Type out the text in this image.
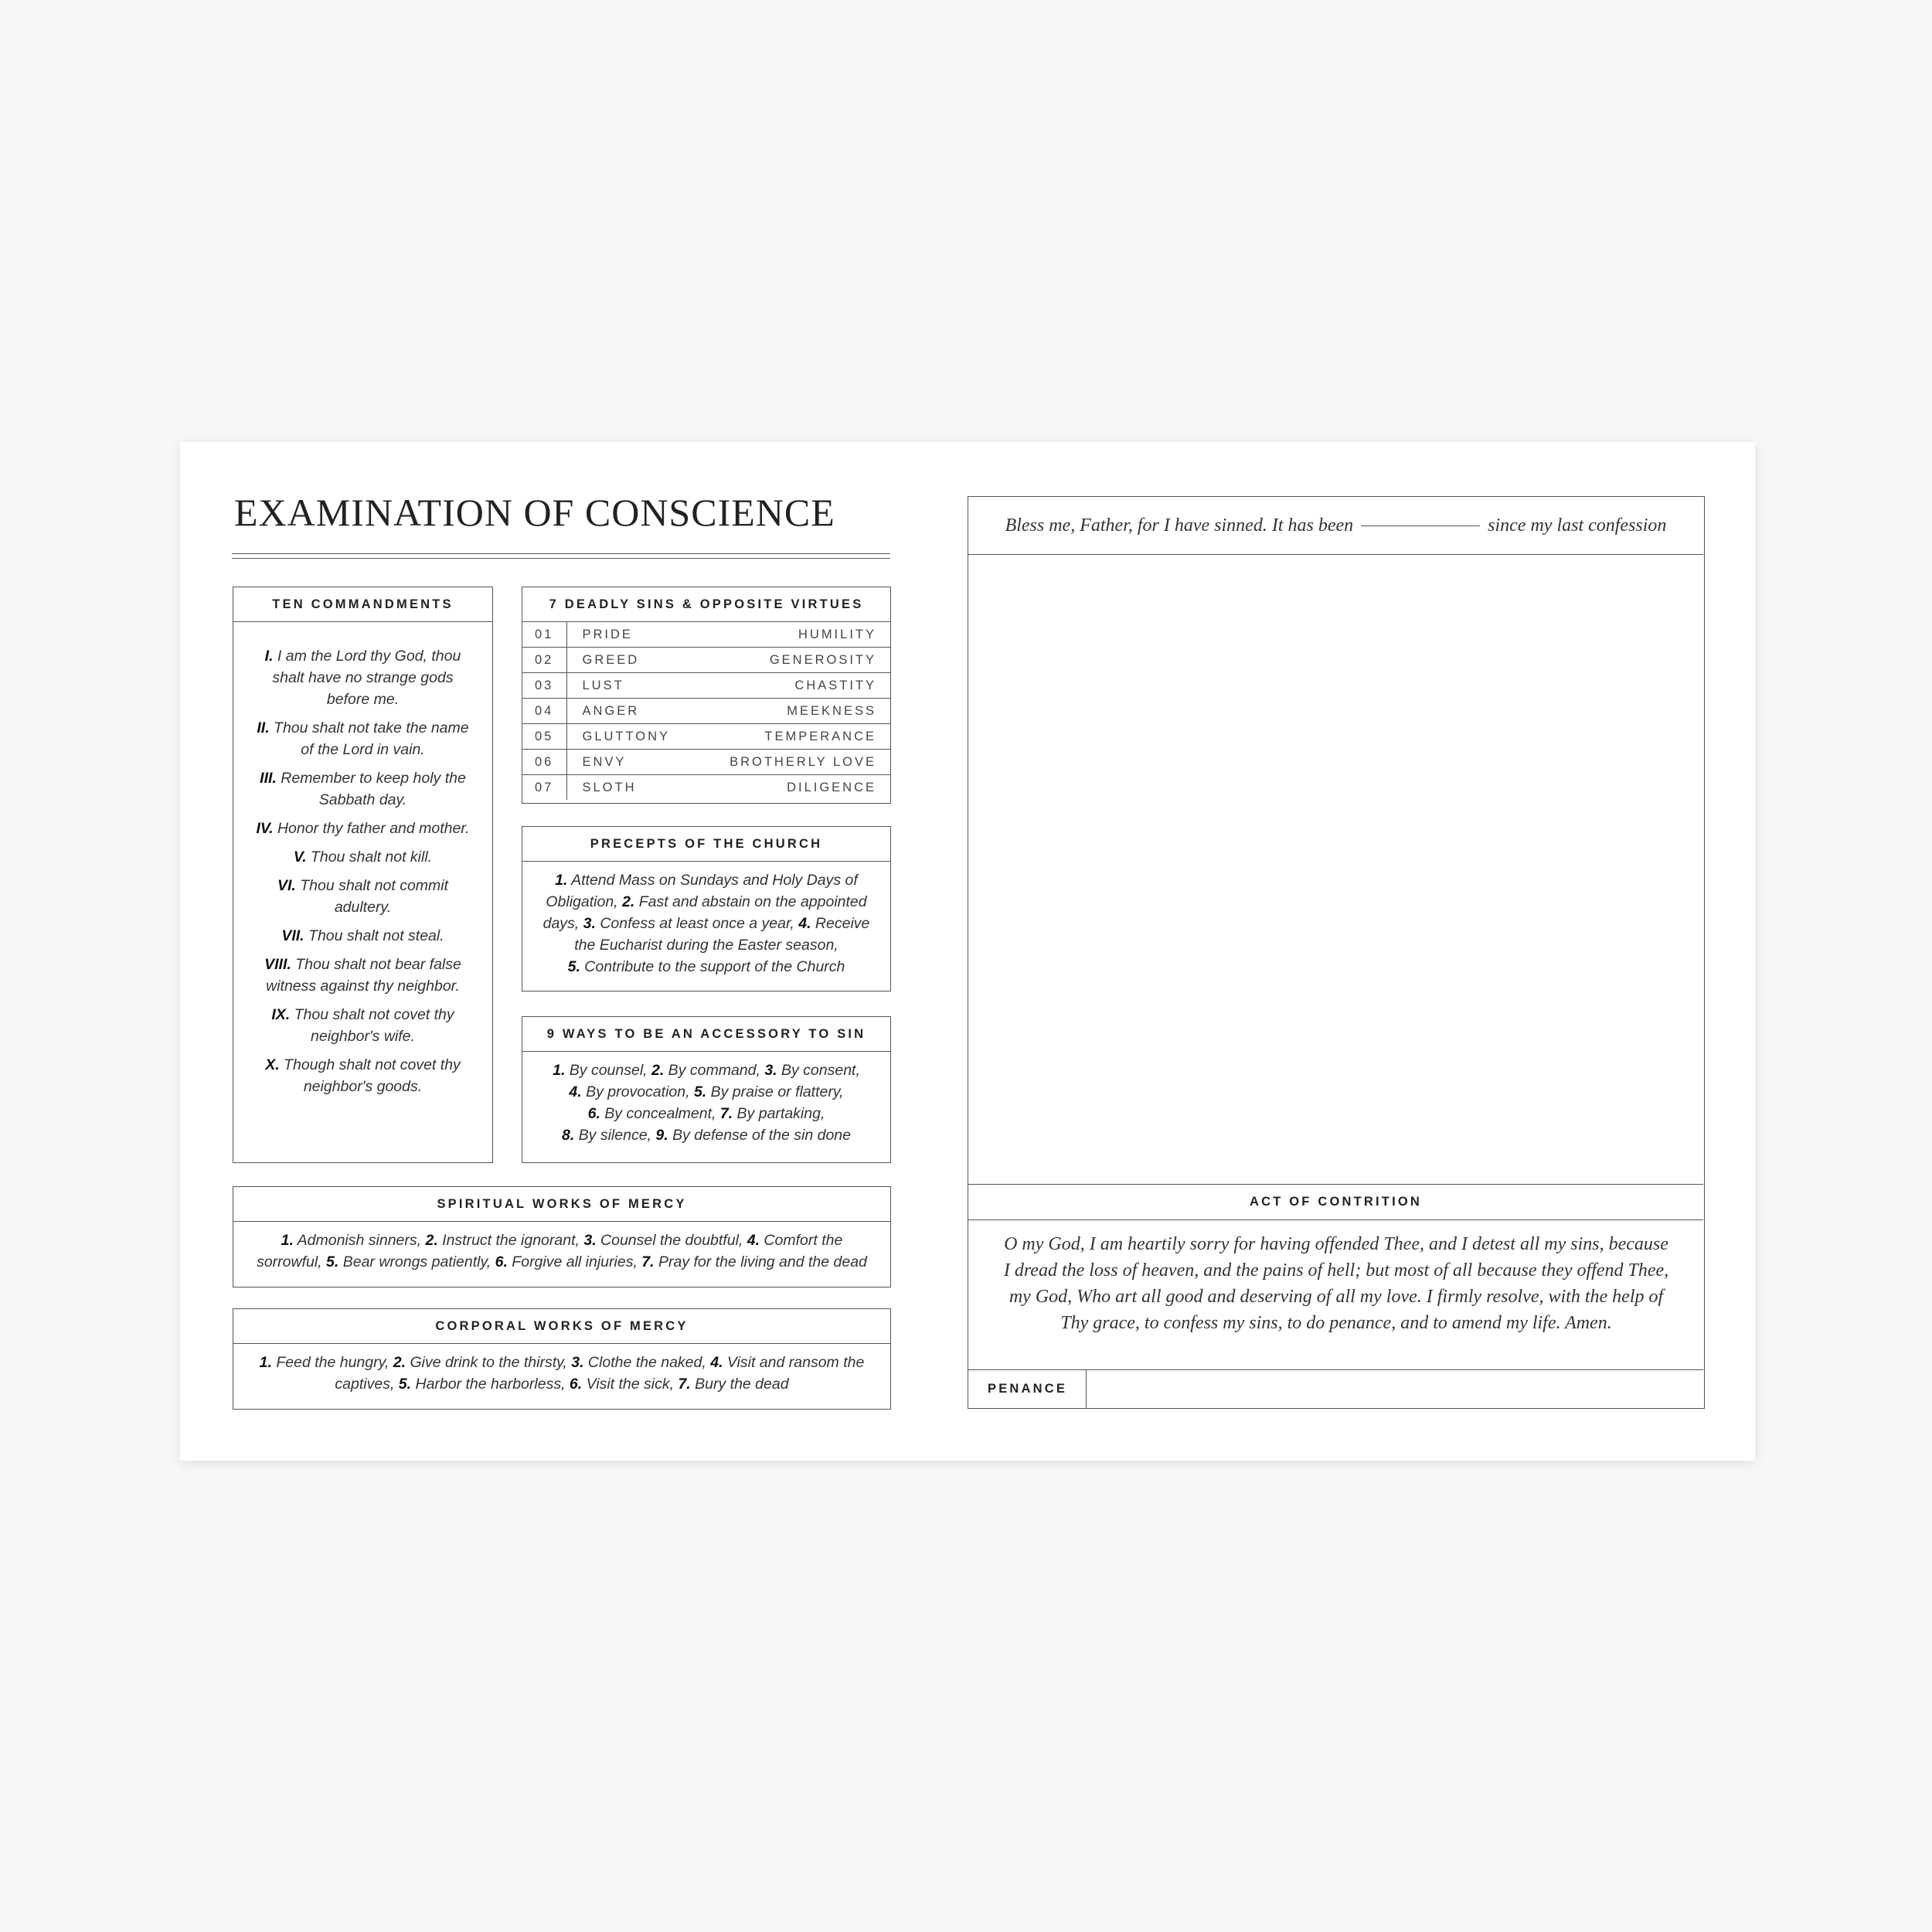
EXAMINATION OF CONSCIENCE
TEN COMMANDMENTS
I. I am the Lord thy God, thou shalt have no strange gods before me.
II. Thou shalt not take the name of the Lord in vain.
III. Remember to keep holy the Sabbath day.
IV. Honor thy father and mother.
V. Thou shalt not kill.
VI. Thou shalt not commit adultery.
VII. Thou shalt not steal.
VIII. Thou shalt not bear false witness against thy neighbor.
IX. Thou shalt not covet thy neighbor's wife.
X. Though shalt not covet thy neighbor's goods.
7 DEADLY SINS & OPPOSITE VIRTUES
01	PRIDE	HUMILITY
02	GREED	GENEROSITY
03	LUST	CHASTITY
04	ANGER	MEEKNESS
05	GLUTTONY	TEMPERANCE
06	ENVY	BROTHERLY LOVE
07	SLOTH	DILIGENCE
PRECEPTS OF THE CHURCH
1. Attend Mass on Sundays and Holy Days of Obligation, 2. Fast and abstain on the appointed days, 3. Confess at least once a year, 4. Receive the Eucharist during the Easter season,
5. Contribute to the support of the Church
9 WAYS TO BE AN ACCESSORY TO SIN
1. By counsel, 2. By command, 3. By consent,
4. By provocation, 5. By praise or flattery,
6. By concealment, 7. By partaking,
8. By silence, 9. By defense of the sin done
SPIRITUAL WORKS OF MERCY
1. Admonish sinners, 2. Instruct the ignorant, 3. Counsel the doubtful, 4. Comfort the sorrowful, 5. Bear wrongs patiently, 6. Forgive all injuries, 7. Pray for the living and the dead
CORPORAL WORKS OF MERCY
1. Feed the hungry, 2. Give drink to the thirsty, 3. Clothe the naked, 4. Visit and ransom the captives, 5. Harbor the harborless, 6. Visit the sick, 7. Bury the dead
Bless me, Father, for I have sinned. It has been	since my last confession
ACT OF CONTRITION
O my God, I am heartily sorry for having offended Thee, and I detest all my sins, because I dread the loss of heaven, and the pains of hell; but most of all because they offend Thee, my God, Who art all good and deserving of all my love. I firmly resolve, with the help of Thy grace, to confess my sins, to do penance, and to amend my life. Amen.
PENANCE
